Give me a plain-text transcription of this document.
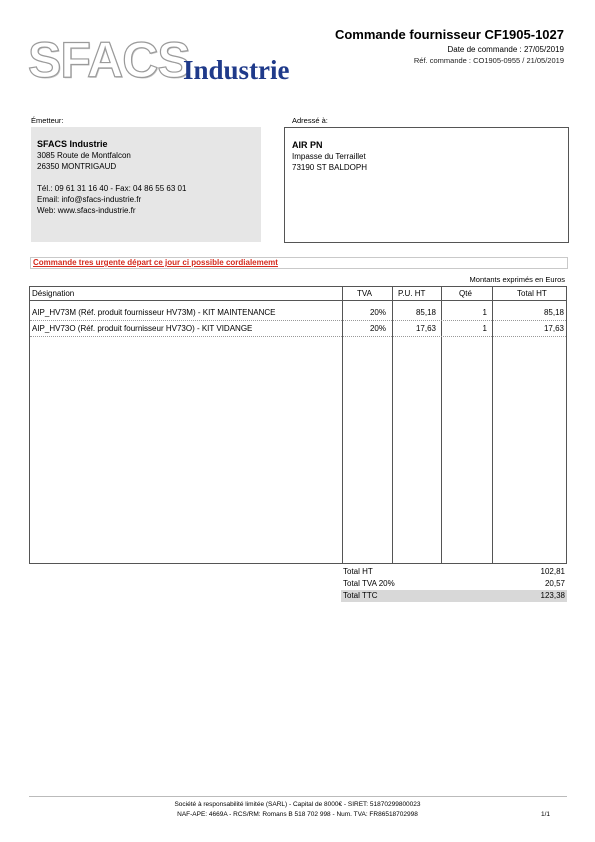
SFACS
Industrie
Commande fournisseur CF1905-1027
Date de commande : 27/05/2019
Réf. commande : CO1905-0955 / 21/05/2019
Émetteur:
SFACS Industrie
3085 Route de Montfalcon
26350 MONTRIGAUD
Tél.: 09 61 31 16 40 - Fax: 04 86 55 63 01
Email: info@sfacs-industrie.fr
Web: www.sfacs-industrie.fr
Adressé à:
AIR PN
Impasse du Terraillet
73190 ST BALDOPH
Commande tres urgente départ ce jour ci possible cordialememt
Montants exprimés en Euros
Désignation	TVA	P.U. HT	Qté	Total HT
AIP_HV73M (Réf. produit fournisseur HV73M) - KIT MAINTENANCE	20%	85,18	1	85,18
AIP_HV73O (Réf. produit fournisseur HV73O) - KIT VIDANGE	20%	17,63	1	17,63
Total HT	102,81
Total TVA 20%	20,57
Total TTC	123,38
Société à responsabilité limitée (SARL) - Capital de 8000€ - SIRET: 51870299800023
NAF-APE: 4669A - RCS/RM: Romans B 518 702 998 - Num. TVA: FR86518702998	1/1
